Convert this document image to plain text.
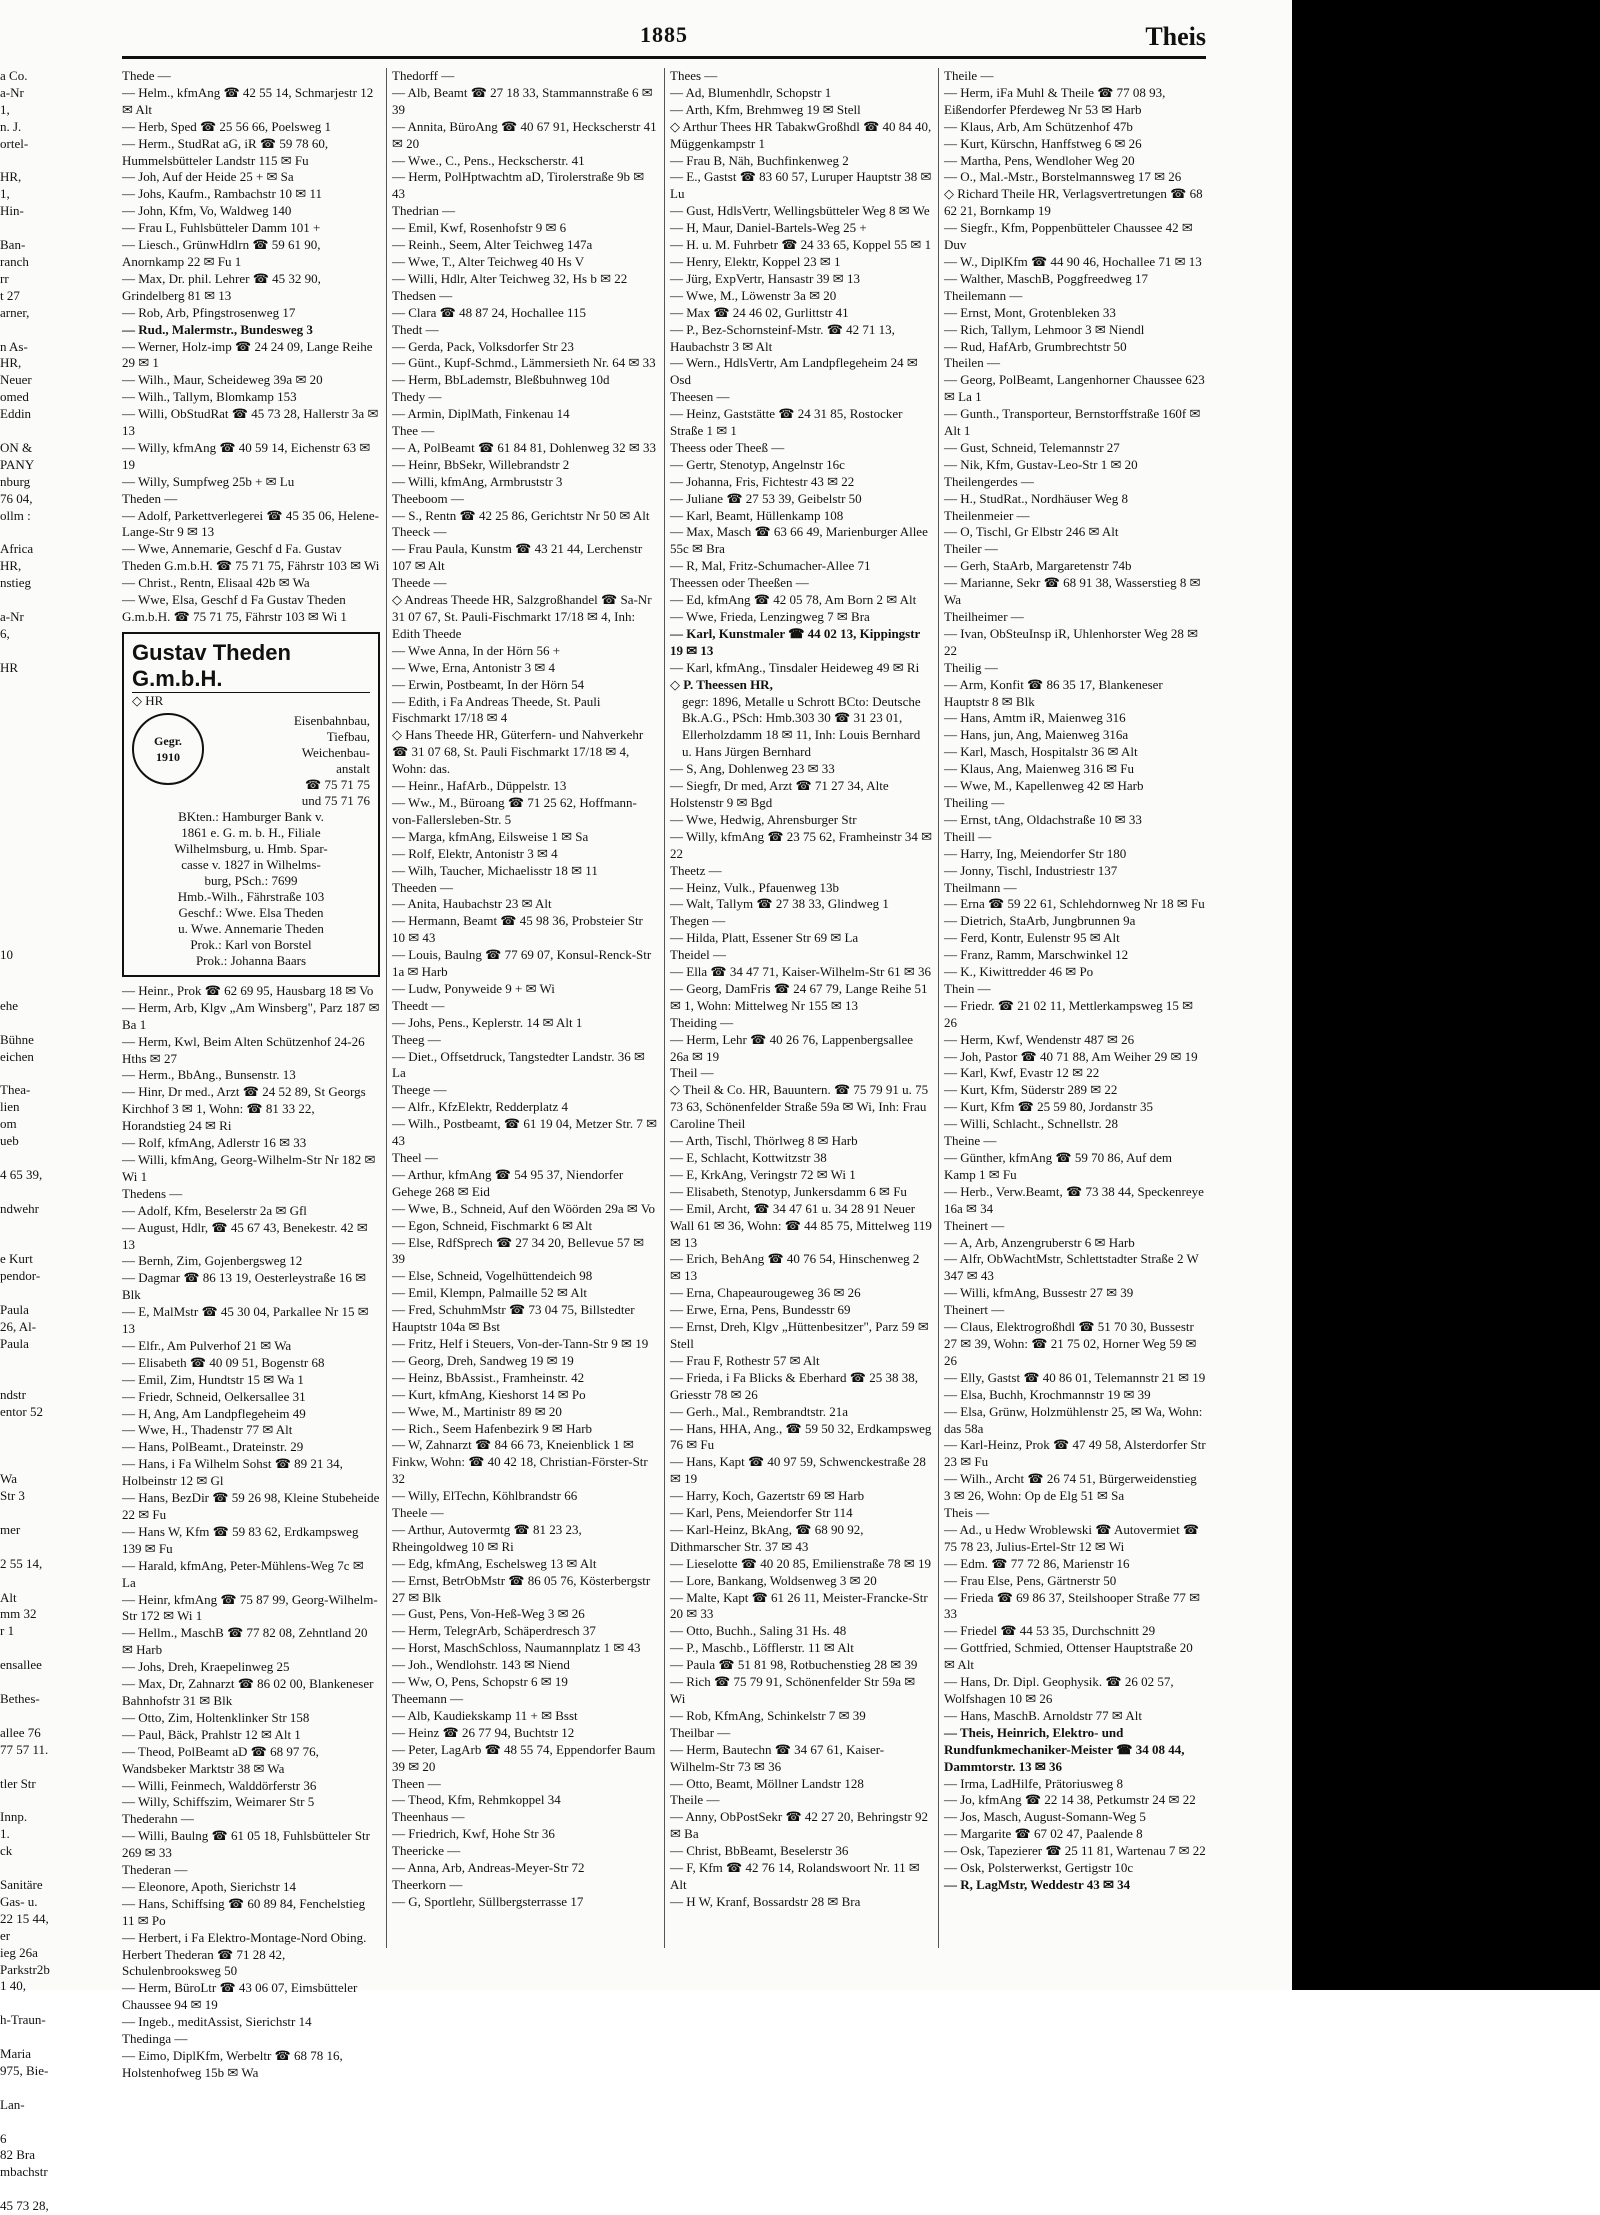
1885	Theis
a Co.
a-Nr
1,
n. J.
ortel-

HR,
1,
Hin-

Ban-
ranch
rr
t 27
arner,

n As-
HR,
Neuer
omed
Eddin

ON &
PANY
nburg
76 04,
ollm :

Africa
HR,
nstieg

a-Nr
6,

HR

10

ehe

Bühne
eichen

Thea-
lien
om
ueb

4 65 39,

ndwehr

e Kurt
pendor-

Paula
26, Al-
Paula

ndstr
entor 52

Wa
Str 3

mer

2 55 14,

Alt
mm 32
r 1

ensallee

Bethes-

allee 76
77 57 11.

tler Str

Innp.
1.
ck

Sanitäre
Gas- u.
22 15 44,
er
ieg 26a
Parkstr2b
1 40,

h-Traun-

Maria
975, Bie-

Lan-

6
82 Bra
mbachstr

45 73 28,
Thede —
— Helm., kfmAng ☎ 42 55 14, Schmarjestr 12 ✉ Alt
— Herb, Sped ☎ 25 56 66, Poelsweg 1
— Herm., StudRat aG, iR ☎ 59 78 60, Hummelsbütteler Landstr 115 ✉ Fu
— Joh, Auf der Heide 25 + ✉ Sa
— Johs, Kaufm., Rambachstr 10 ✉ 11
— John, Kfm, Vo, Waldweg 140
— Frau L, Fuhlsbütteler Damm 101 +
— Liesch., GrünwHdlrn ☎ 59 61 90, Anornkamp 22 ✉ Fu 1
— Max, Dr. phil. Lehrer ☎ 45 32 90, Grindelberg 81 ✉ 13
— Rob, Arb, Pfingstrosenweg 17
— Rud., Malermstr., Bundesweg 3
— Werner, Holz-imp ☎ 24 24 09, Lange Reihe 29 ✉ 1
— Wilh., Maur, Scheideweg 39a ✉ 20
— Wilh., Tallym, Blomkamp 153
— Willi, ObStudRat ☎ 45 73 28, Hallerstr 3a ✉ 13
— Willy, kfmAng ☎ 40 59 14, Eichenstr 63 ✉ 19
— Willy, Sumpfweg 25b + ✉ Lu
Theden —
— Adolf, Parkettverlegerei ☎ 45 35 06, Helene-Lange-Str 9 ✉ 13
— Wwe, Annemarie, Geschf d Fa. Gustav Theden G.m.b.H. ☎ 75 71 75, Fährstr 103 ✉ Wi
— Christ., Rentn, Elisaal 42b ✉ Wa
— Wwe, Elsa, Geschf d Fa Gustav Theden G.m.b.H. ☎ 75 71 75, Fährstr 103 ✉ Wi 1
Gustav Theden G.m.b.H.
◇ HR
Gegr.
1910
Eisenbahnbau,
Tiefbau,
Weichenbau-
anstalt
☎ 75 71 75
und 75 71 76
BKten.: Hamburger Bank v.
1861 e. G. m. b. H., Filiale
Wilhelmsburg, u. Hmb. Spar-
casse v. 1827 in Wilhelms-
burg, PSch.: 7699
Hmb.-Wilh., Fährstraße 103
Geschf.: Wwe. Elsa Theden
u. Wwe. Annemarie Theden
Prok.: Karl von Borstel
Prok.: Johanna Baars
— Heinr., Prok ☎ 62 69 95, Hausbarg 18 ✉ Vo
— Herm, Arb, Klgv „Am Winsberg", Parz 187 ✉ Ba 1
— Herm, Kwl, Beim Alten Schützenhof 24-26 Hths ✉ 27
— Herm., BbAng., Bunsenstr. 13
— Hinr, Dr med., Arzt ☎ 24 52 89, St Georgs Kirchhof 3 ✉ 1, Wohn: ☎ 81 33 22, Horandstieg 24 ✉ Ri
— Rolf, kfmAng, Adlerstr 16 ✉ 33
— Willi, kfmAng, Georg-Wilhelm-Str Nr 182 ✉ Wi 1
Thedens —
— Adolf, Kfm, Beselerstr 2a ✉ Gfl
— August, Hdlr, ☎ 45 67 43, Benekestr. 42 ✉ 13
— Bernh, Zim, Gojenbergsweg 12
— Dagmar ☎ 86 13 19, Oesterleystraße 16 ✉ Blk
— E, MalMstr ☎ 45 30 04, Parkallee Nr 15 ✉ 13
— Elfr., Am Pulverhof 21 ✉ Wa
— Elisabeth ☎ 40 09 51, Bogenstr 68
— Emil, Zim, Hundtstr 15 ✉ Wa 1
— Friedr, Schneid, Oelkersallee 31
— H, Ang, Am Landpflegeheim 49
— Wwe, H., Thadenstr 77 ✉ Alt
— Hans, PolBeamt., Drateinstr. 29
— Hans, i Fa Wilhelm Sohst ☎ 89 21 34, Holbeinstr 12 ✉ Gl
— Hans, BezDir ☎ 59 26 98, Kleine Stubeheide 22 ✉ Fu
— Hans W, Kfm ☎ 59 83 62, Erdkampsweg 139 ✉ Fu
— Harald, kfmAng, Peter-Mühlens-Weg 7c ✉ La
— Heinr, kfmAng ☎ 75 87 99, Georg-Wilhelm-Str 172 ✉ Wi 1
— Hellm., MaschB ☎ 77 82 08, Zehntland 20 ✉ Harb
— Johs, Dreh, Kraepelinweg 25
— Max, Dr, Zahnarzt ☎ 86 02 00, Blankeneser Bahnhofstr 31 ✉ Blk
— Otto, Zim, Holtenklinker Str 158
— Paul, Bäck, Prahlstr 12 ✉ Alt 1
— Theod, PolBeamt aD ☎ 68 97 76, Wandsbeker Marktstr 38 ✉ Wa
— Willi, Feinmech, Walddörferstr 36
— Willy, Schiffszim, Weimarer Str 5
Thederahn —
— Willi, Baulng ☎ 61 05 18, Fuhlsbütteler Str 269 ✉ 33
Thederan —
— Eleonore, Apoth, Sierichstr 14
— Hans, Schiffsing ☎ 60 89 84, Fenchelstieg 11 ✉ Po
— Herbert, i Fa Elektro-Montage-Nord Obing. Herbert Thederan ☎ 71 28 42, Schulenbrooksweg 50
— Herm, BüroLtr ☎ 43 06 07, Eimsbütteler Chaussee 94 ✉ 19
— Ingeb., meditAssist, Sierichstr 14
Thedinga —
— Eimo, DiplKfm, Werbeltr ☎ 68 78 16, Holstenhofweg 15b ✉ Wa
Thedorff —
— Alb, Beamt ☎ 27 18 33, Stammannstraße 6 ✉ 39
— Annita, BüroAng ☎ 40 67 91, Heckscherstr 41 ✉ 20
— Wwe., C., Pens., Heckscherstr. 41
— Herm, PolHptwachtm aD, Tirolerstraße 9b ✉ 43
Thedrian —
— Emil, Kwf, Rosenhofstr 9 ✉ 6
— Reinh., Seem, Alter Teichweg 147a
— Wwe, T., Alter Teichweg 40 Hs V
— Willi, Hdlr, Alter Teichweg 32, Hs b ✉ 22
Thedsen —
— Clara ☎ 48 87 24, Hochallee 115
Thedt —
— Gerda, Pack, Volksdorfer Str 23
— Günt., Kupf-Schmd., Lämmersieth Nr. 64 ✉ 33
— Herm, BbLademstr, Bleßbuhnweg 10d
Thedy —
— Armin, DiplMath, Finkenau 14
Thee —
— A, PolBeamt ☎ 61 84 81, Dohlenweg 32 ✉ 33
— Heinr, BbSekr, Willebrandstr 2
— Willi, kfmAng, Armbruststr 3
Theeboom —
— S., Rentn ☎ 42 25 86, Gerichtstr Nr 50 ✉ Alt
Theeck —
— Frau Paula, Kunstm ☎ 43 21 44, Lerchenstr 107 ✉ Alt
Theede —
◇ Andreas Theede HR, Salzgroßhandel ☎ Sa-Nr 31 07 67, St. Pauli-Fischmarkt 17/18 ✉ 4, Inh: Edith Theede
— Wwe Anna, In der Hörn 56 +
— Wwe, Erna, Antonistr 3 ✉ 4
— Erwin, Postbeamt, In der Hörn 54
— Edith, i Fa Andreas Theede, St. Pauli Fischmarkt 17/18 ✉ 4
◇ Hans Theede HR, Güterfern- und Nahverkehr ☎ 31 07 68, St. Pauli Fischmarkt 17/18 ✉ 4, Wohn: das.
— Heinr., HafArb., Düppelstr. 13
— Ww., M., Büroang ☎ 71 25 62, Hoffmann-von-Fallersleben-Str. 5
— Marga, kfmAng, Eilsweise 1 ✉ Sa
— Rolf, Elektr, Antonistr 3 ✉ 4
— Wilh, Taucher, Michaelisstr 18 ✉ 11
Theeden —
— Anita, Haubachstr 23 ✉ Alt
— Hermann, Beamt ☎ 45 98 36, Probsteier Str 10 ✉ 43
— Louis, Baulng ☎ 77 69 07, Konsul-Renck-Str 1a ✉ Harb
— Ludw, Ponyweide 9 + ✉ Wi
Theedt —
— Johs, Pens., Keplerstr. 14 ✉ Alt 1
Theeg —
— Diet., Offsetdruck, Tangstedter Landstr. 36 ✉ La
Theege —
— Alfr., KfzElektr, Redderplatz 4
— Wilh., Postbeamt, ☎ 61 19 04, Metzer Str. 7 ✉ 43
Theel —
— Arthur, kfmAng ☎ 54 95 37, Niendorfer Gehege 268 ✉ Eid
— Wwe, B., Schneid, Auf den Wöörden 29a ✉ Vo
— Egon, Schneid, Fischmarkt 6 ✉ Alt
— Else, RdfSprech ☎ 27 34 20, Bellevue 57 ✉ 39
— Else, Schneid, Vogelhüttendeich 98
— Emil, Klempn, Palmaille 52 ✉ Alt
— Fred, SchuhmMstr ☎ 73 04 75, Billstedter Hauptstr 104a ✉ Bst
— Fritz, Helf i Steuers, Von-der-Tann-Str 9 ✉ 19
— Georg, Dreh, Sandweg 19 ✉ 19
— Heinz, BbAssist., Framheinstr. 42
— Kurt, kfmAng, Kieshorst 14 ✉ Po
— Wwe, M., Martinistr 89 ✉ 20
— Rich., Seem Hafenbezirk 9 ✉ Harb
— W, Zahnarzt ☎ 84 66 73, Kneienblick 1 ✉ Finkw, Wohn: ☎ 40 42 18, Christian-Förster-Str 32
— Willy, ElTechn, Köhlbrandstr 66
Theele —
— Arthur, Autovermtg ☎ 81 23 23, Rheingoldweg 10 ✉ Ri
— Edg, kfmAng, Eschelsweg 13 ✉ Alt
— Ernst, BetrObMstr ☎ 86 05 76, Kösterbergstr 27 ✉ Blk
— Gust, Pens, Von-Heß-Weg 3 ✉ 26
— Herm, TelegrArb, Schäperdresch 37
— Horst, MaschSchloss, Naumannplatz 1 ✉ 43
— Joh., Wendlohstr. 143 ✉ Niend
— Ww, O, Pens, Schopstr 6 ✉ 19
Theemann —
— Alb, Kaudiekskamp 11 + ✉ Bsst
— Heinz ☎ 26 77 94, Buchtstr 12
— Peter, LagArb ☎ 48 55 74, Eppendorfer Baum 39 ✉ 20
Theen —
— Theod, Kfm, Rehmkoppel 34
Theenhaus —
— Friedrich, Kwf, Hohe Str 36
Theericke —
— Anna, Arb, Andreas-Meyer-Str 72
Theerkorn —
— G, Sportlehr, Süllbergsterrasse 17
Thees —
— Ad, Blumenhdlr, Schopstr 1
— Arth, Kfm, Brehmweg 19 ✉ Stell
◇ Arthur Thees HR TabakwGroßhdl ☎ 40 84 40, Müggenkampstr 1
— Frau B, Näh, Buchfinkenweg 2
— E., Gastst ☎ 83 60 57, Luruper Hauptstr 38 ✉ Lu
— Gust, HdlsVertr, Wellingsbütteler Weg 8 ✉ We
— H, Maur, Daniel-Bartels-Weg 25 +
— H. u. M. Fuhrbetr ☎ 24 33 65, Koppel 55 ✉ 1
— Henry, Elektr, Koppel 23 ✉ 1
— Jürg, ExpVertr, Hansastr 39 ✉ 13
— Wwe, M., Löwenstr 3a ✉ 20
— Max ☎ 24 46 02, Gurlittstr 41
— P., Bez-Schornsteinf-Mstr. ☎ 42 71 13, Haubachstr 3 ✉ Alt
— Wern., HdlsVertr, Am Landpflegeheim 24 ✉ Osd
Theesen —
— Heinz, Gaststätte ☎ 24 31 85, Rostocker Straße 1 ✉ 1
Theess oder Theeß —
— Gertr, Stenotyp, Angelnstr 16c
— Johanna, Fris, Fichtestr 43 ✉ 22
— Juliane ☎ 27 53 39, Geibelstr 50
— Karl, Beamt, Hüllenkamp 108
— Max, Masch ☎ 63 66 49, Marienburger Allee 55c ✉ Bra
— R, Mal, Fritz-Schumacher-Allee 71
Theessen oder Theeßen —
— Ed, kfmAng ☎ 42 05 78, Am Born 2 ✉ Alt
— Wwe, Frieda, Lenzingweg 7 ✉ Bra
— Karl, Kunstmaler ☎ 44 02 13, Kippingstr 19 ✉ 13
— Karl, kfmAng., Tinsdaler Heideweg 49 ✉ Ri
◇ P. Theessen HR,
gegr: 1896, Metalle u Schrott BCto: Deutsche Bk.A.G., PSch: Hmb.303 30 ☎ 31 23 01, Ellerholzdamm 18 ✉ 11, Inh: Louis Bernhard u. Hans Jürgen Bernhard
— S, Ang, Dohlenweg 23 ✉ 33
— Siegfr, Dr med, Arzt ☎ 71 27 34, Alte Holstenstr 9 ✉ Bgd
— Wwe, Hedwig, Ahrensburger Str
— Willy, kfmAng ☎ 23 75 62, Framheinstr 34 ✉ 22
Theetz —
— Heinz, Vulk., Pfauenweg 13b
— Walt, Tallym ☎ 27 38 33, Glindweg 1
Thegen —
— Hilda, Platt, Essener Str 69 ✉ La
Theidel —
— Ella ☎ 34 47 71, Kaiser-Wilhelm-Str 61 ✉ 36
— Georg, DamFris ☎ 24 67 79, Lange Reihe 51 ✉ 1, Wohn: Mittelweg Nr 155 ✉ 13
Theiding —
— Herm, Lehr ☎ 40 26 76, Lappenbergsallee 26a ✉ 19
Theil —
◇ Theil & Co. HR, Bauuntern. ☎ 75 79 91 u. 75 73 63, Schönenfelder Straße 59a ✉ Wi, Inh: Frau Caroline Theil
— Arth, Tischl, Thörlweg 8 ✉ Harb
— E, Schlacht, Kottwitzstr 38
— E, KrkAng, Veringstr 72 ✉ Wi 1
— Elisabeth, Stenotyp, Junkersdamm 6 ✉ Fu
— Emil, Archt, ☎ 34 47 61 u. 34 28 91 Neuer Wall 61 ✉ 36, Wohn: ☎ 44 85 75, Mittelweg 119 ✉ 13
— Erich, BehAng ☎ 40 76 54, Hinschenweg 2 ✉ 13
— Erna, Chapeaurougeweg 36 ✉ 26
— Erwe, Erna, Pens, Bundesstr 69
— Ernst, Dreh, Klgv „Hüttenbesitzer", Parz 59 ✉ Stell
— Frau F, Rothestr 57 ✉ Alt
— Frieda, i Fa Blicks & Eberhard ☎ 25 38 38, Griesstr 78 ✉ 26
— Gerh., Mal., Rembrandtstr. 21a
— Hans, HHA, Ang., ☎ 59 50 32, Erdkampsweg 76 ✉ Fu
— Hans, Kapt ☎ 40 97 59, Schwenckestraße 28 ✉ 19
— Harry, Koch, Gazertstr 69 ✉ Harb
— Karl, Pens, Meiendorfer Str 114
— Karl-Heinz, BkAng, ☎ 68 90 92, Dithmarscher Str. 37 ✉ 43
— Lieselotte ☎ 40 20 85, Emilienstraße 78 ✉ 19
— Lore, Bankang, Woldsenweg 3 ✉ 20
— Malte, Kapt ☎ 61 26 11, Meister-Francke-Str 20 ✉ 33
— Otto, Buchh., Saling 31 Hs. 48
— P., Maschb., Löfflerstr. 11 ✉ Alt
— Paula ☎ 51 81 98, Rotbuchenstieg 28 ✉ 39
— Rich ☎ 75 79 91, Schönenfelder Str 59a ✉ Wi
— Rob, KfmAng, Schinkelstr 7 ✉ 39
Theilbar —
— Herm, Bautechn ☎ 34 67 61, Kaiser-Wilhelm-Str 73 ✉ 36
— Otto, Beamt, Möllner Landstr 128
Theile —
— Anny, ObPostSekr ☎ 42 27 20, Behringstr 92 ✉ Ba
— Christ, BbBeamt, Beselerstr 36
— F, Kfm ☎ 42 76 14, Rolandswoort Nr. 11 ✉ Alt
— H W, Kranf, Bossardstr 28 ✉ Bra
Theile —
— Herm, iFa Muhl & Theile ☎ 77 08 93, Eißendorfer Pferdeweg Nr 53 ✉ Harb
— Klaus, Arb, Am Schützenhof 47b
— Kurt, Kürschn, Hanffstweg 6 ✉ 26
— Martha, Pens, Wendloher Weg 20
— O., Mal.-Mstr., Borstelmannsweg 17 ✉ 26
◇ Richard Theile HR, Verlagsvertretungen ☎ 68 62 21, Bornkamp 19
— Siegfr., Kfm, Poppenbütteler Chaussee 42 ✉ Duv
— W., DiplKfm ☎ 44 90 46, Hochallee 71 ✉ 13
— Walther, MaschB, Poggfreedweg 17
Theilemann —
— Ernst, Mont, Grotenbleken 33
— Rich, Tallym, Lehmoor 3 ✉ Niendl
— Rud, HafArb, Grumbrechtstr 50
Theilen —
— Georg, PolBeamt, Langenhorner Chaussee 623 ✉ La 1
— Gunth., Transporteur, Bernstorffstraße 160f ✉ Alt 1
— Gust, Schneid, Telemannstr 27
— Nik, Kfm, Gustav-Leo-Str 1 ✉ 20
Theilengerdes —
— H., StudRat., Nordhäuser Weg 8
Theilenmeier —
— O, Tischl, Gr Elbstr 246 ✉ Alt
Theiler —
— Gerh, StaArb, Margaretenstr 74b
— Marianne, Sekr ☎ 68 91 38, Wasserstieg 8 ✉ Wa
Theilheimer —
— Ivan, ObSteuInsp iR, Uhlenhorster Weg 28 ✉ 22
Theilig —
— Arm, Konfit ☎ 86 35 17, Blankeneser Hauptstr 8 ✉ Blk
— Hans, Amtm iR, Maienweg 316
— Hans, jun, Ang, Maienweg 316a
— Karl, Masch, Hospitalstr 36 ✉ Alt
— Klaus, Ang, Maienweg 316 ✉ Fu
— Wwe, M., Kapellenweg 42 ✉ Harb
Theiling —
— Ernst, tAng, Oldachstraße 10 ✉ 33
Theill —
— Harry, Ing, Meiendorfer Str 180
— Jonny, Tischl, Industriestr 137
Theilmann —
— Erna ☎ 59 22 61, Schlehdornweg Nr 18 ✉ Fu
— Dietrich, StaArb, Jungbrunnen 9a
— Ferd, Kontr, Eulenstr 95 ✉ Alt
— Franz, Ramm, Marschwinkel 12
— K., Kiwittredder 46 ✉ Po
Thein —
— Friedr. ☎ 21 02 11, Mettlerkampsweg 15 ✉ 26
— Herm, Kwf, Wendenstr 487 ✉ 26
— Joh, Pastor ☎ 40 71 88, Am Weiher 29 ✉ 19
— Karl, Kwf, Evastr 12 ✉ 22
— Kurt, Kfm, Süderstr 289 ✉ 22
— Kurt, Kfm ☎ 25 59 80, Jordanstr 35
— Willi, Schlacht., Schnellstr. 28
Theine —
— Günther, kfmAng ☎ 59 70 86, Auf dem Kamp 1 ✉ Fu
— Herb., Verw.Beamt, ☎ 73 38 44, Speckenreye 16a ✉ 34
Theinert —
— A, Arb, Anzengruberstr 6 ✉ Harb
— Alfr, ObWachtMstr, Schlettstadter Straße 2 W 347 ✉ 43
— Willi, kfmAng, Bussestr 27 ✉ 39
Theinert —
— Claus, Elektrogroßhdl ☎ 51 70 30, Bussestr 27 ✉ 39, Wohn: ☎ 21 75 02, Horner Weg 59 ✉ 26
— Elly, Gastst ☎ 40 86 01, Telemannstr 21 ✉ 19
— Elsa, Buchh, Krochmannstr 19 ✉ 39
— Elsa, Grünw, Holzmühlenstr 25, ✉ Wa, Wohn: das 58a
— Karl-Heinz, Prok ☎ 47 49 58, Alsterdorfer Str 23 ✉ Fu
— Wilh., Archt ☎ 26 74 51, Bürgerweidenstieg 3 ✉ 26, Wohn: Op de Elg 51 ✉ Sa
Theis —
— Ad., u Hedw Wroblewski ☎ Autovermiet ☎ 75 78 23, Julius-Ertel-Str 12 ✉ Wi
— Edm. ☎ 77 72 86, Marienstr 16
— Frau Else, Pens, Gärtnerstr 50
— Frieda ☎ 69 86 37, Steilshooper Straße 77 ✉ 33
— Friedel ☎ 44 53 35, Durchschnitt 29
— Gottfried, Schmied, Ottenser Hauptstraße 20 ✉ Alt
— Hans, Dr. Dipl. Geophysik. ☎ 26 02 57, Wolfshagen 10 ✉ 26
— Hans, MaschB. Arnoldstr 77 ✉ Alt
— Theis, Heinrich, Elektro- und Rundfunkmechaniker-Meister ☎ 34 08 44, Dammtorstr. 13 ✉ 36
— Irma, LadHilfe, Prätoriusweg 8
— Jo, kfmAng ☎ 22 14 38, Petkumstr 24 ✉ 22
— Jos, Masch, August-Somann-Weg 5
— Margarite ☎ 67 02 47, Paalende 8
— Osk, Tapezierer ☎ 25 11 81, Wartenau 7 ✉ 22
— Osk, Polsterwerkst, Gertigstr 10c
— R, LagMstr, Weddestr 43 ✉ 34
